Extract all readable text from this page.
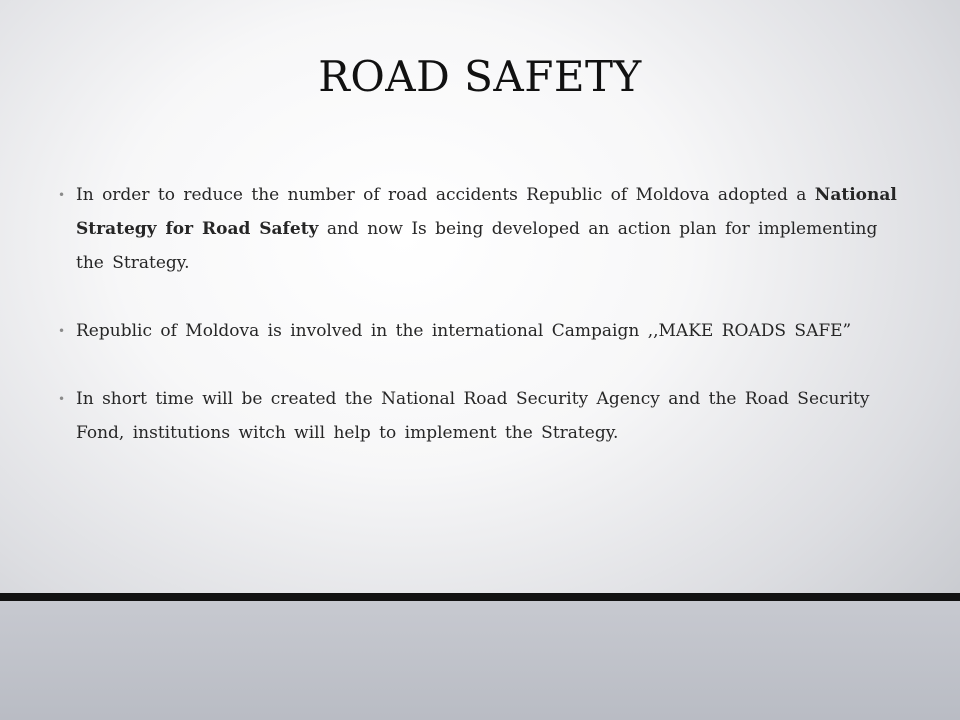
ROAD SAFETY
• In order to reduce the number of road accidents Republic of Moldova adopted a National Strategy for Road Safety and now Is being developed an action plan for implementing the Strategy.
• Republic of Moldova is involved in the international Campaign ,,MAKE ROADS SAFE”
• In short time will be created the National Road Security Agency and the Road Security Fond, institutions witch will help to implement the Strategy.
